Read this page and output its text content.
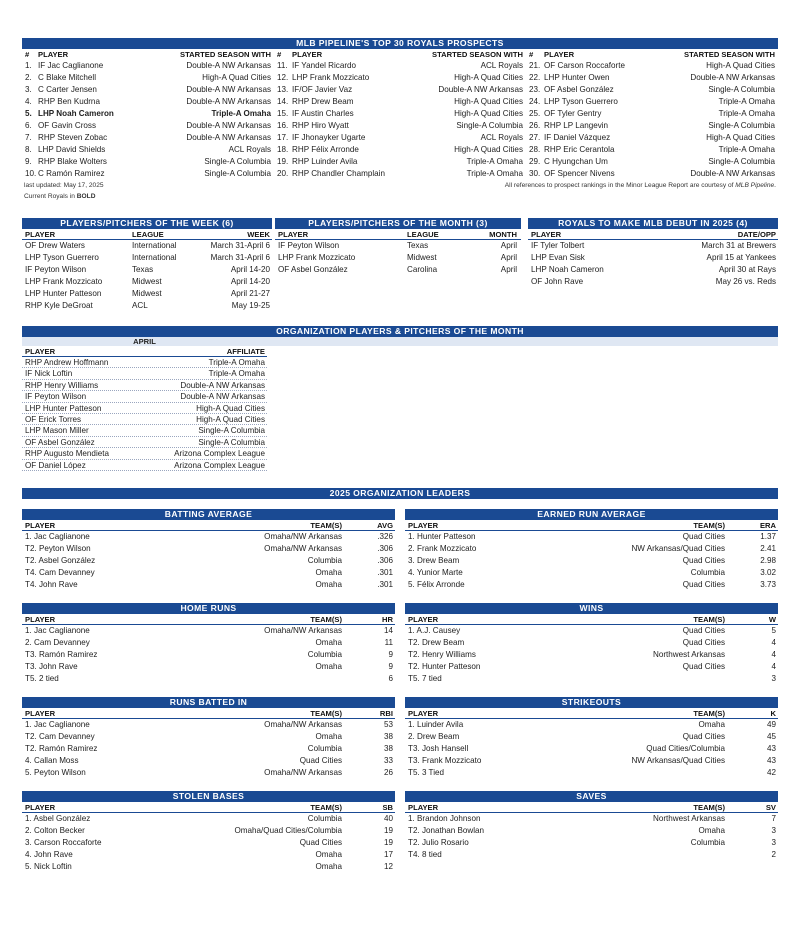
MLB PIPELINE'S TOP 30 ROYALS PROSPECTS
#	PLAYER	STARTED SEASON WITH
1. IF Jac Caglianone	Double-A NW Arkansas
2. C Blake Mitchell	High-A Quad Cities
3. C Carter Jensen	Double-A NW Arkansas
4. RHP Ben Kudrna	Double-A NW Arkansas
5. LHP Noah Cameron	Triple-A Omaha
6. OF Gavin Cross	Double-A NW Arkansas
7. RHP Steven Zobac	Double-A NW Arkansas
8. LHP David Shields	ACL Royals
9. RHP Blake Wolters	Single-A Columbia
10. C Ramón Ramirez	Single-A Columbia
#	PLAYER	STARTED SEASON WITH
11. IF Yandel Ricardo	ACL Royals
12. LHP Frank Mozzicato	High-A Quad Cities
13. IF/OF Javier Vaz	Double-A NW Arkansas
14. RHP Drew Beam	High-A Quad Cities
15. IF Austin Charles	High-A Quad Cities
16. RHP Hiro Wyatt	Single-A Columbia
17. IF Jhonayker Ugarte	ACL Royals
18. RHP Félix Arronde	High-A Quad Cities
19. RHP Luinder Avila	Triple-A Omaha
20. RHP Chandler Champlain	Triple-A Omaha
#	PLAYER	STARTED SEASON WITH
21. OF Carson Roccaforte	High-A Quad Cities
22. LHP Hunter Owen	Double-A NW Arkansas
23. OF Asbel González	Single-A Columbia
24. LHP Tyson Guerrero	Triple-A Omaha
25. OF Tyler Gentry	Triple-A Omaha
26. RHP LP Langevin	Single-A Columbia
27. IF Daniel Vázquez	High-A Quad Cities
28. RHP Eric Cerantola	Triple-A Omaha
29. C Hyungchan Um	Single-A Columbia
30. OF Spencer Nivens	Double-A NW Arkansas
last updated: May 17, 2025
Current Royals in BOLD
All references to prospect rankings in the Minor League Report are courtesy of MLB Pipeline.
PLAYERS/PITCHERS OF THE WEEK (6)
PLAYER	LEAGUE	WEEK
OF Drew Waters	International	March 31-April 6
LHP Tyson Guerrero	International	March 31-April 6
IF Peyton Wilson	Texas	April 14-20
LHP Frank Mozzicato	Midwest	April 14-20
LHP Hunter Patteson	Midwest	April 21-27
RHP Kyle DeGroat	ACL	May 19-25
PLAYERS/PITCHERS OF THE MONTH (3)
PLAYER	LEAGUE	MONTH
IF Peyton Wilson	Texas	April
LHP Frank Mozzicato	Midwest	April
OF Asbel González	Carolina	April
ROYALS TO MAKE MLB DEBUT IN 2025 (4)
PLAYER	DATE/OPP
IF Tyler Tolbert	March 31 at Brewers
LHP Evan Sisk	April 15 at Yankees
LHP Noah Cameron	April 30 at Rays
OF John Rave	May 26 vs. Reds
ORGANIZATION PLAYERS & PITCHERS OF THE MONTH
APRIL
PLAYER	AFFILIATE
RHP Andrew Hoffmann	Triple-A Omaha
IF Nick Loftin	Triple-A Omaha
RHP Henry Williams	Double-A NW Arkansas
IF Peyton Wilson	Double-A NW Arkansas
LHP Hunter Patteson	High-A Quad Cities
OF Erick Torres	High-A Quad Cities
LHP Mason Miller	Single-A Columbia
OF Asbel González	Single-A Columbia
RHP Augusto Mendieta	Arizona Complex League
OF Daniel López	Arizona Complex League
2025 ORGANIZATION LEADERS
BATTING AVERAGE
PLAYER	TEAM(S)	AVG
1. Jac Caglianone	Omaha/NW Arkansas	.326
T2. Peyton Wilson	Omaha/NW Arkansas	.306
T2. Asbel González	Columbia	.306
T4. Cam Devanney	Omaha	.301
T4. John Rave	Omaha	.301
HOME RUNS
PLAYER	TEAM(S)	HR
1. Jac Caglianone	Omaha/NW Arkansas	14
2. Cam Devanney	Omaha	11
T3. Ramón Ramirez	Columbia	9
T3. John Rave	Omaha	9
T5. 2 tied	6
RUNS BATTED IN
PLAYER	TEAM(S)	RBI
1. Jac Caglianone	Omaha/NW Arkansas	53
T2. Cam Devanney	Omaha	38
T2. Ramón Ramirez	Columbia	38
4. Callan Moss	Quad Cities	33
5. Peyton Wilson	Omaha/NW Arkansas	26
STOLEN BASES
PLAYER	TEAM(S)	SB
1. Asbel González	Columbia	40
2. Colton Becker	Omaha/Quad Cities/Columbia	19
3. Carson Roccaforte	Quad Cities	19
4. John Rave	Omaha	17
5. Nick Loftin	Omaha	12
EARNED RUN AVERAGE
PLAYER	TEAM(S)	ERA
1. Hunter Patteson	Quad Cities	1.37
2. Frank Mozzicato	NW Arkansas/Quad Cities	2.41
3. Drew Beam	Quad Cities	2.98
4. Yunior Marte	Columbia	3.02
5. Félix Arronde	Quad Cities	3.73
WINS
PLAYER	TEAM(S)	W
1. A.J. Causey	Quad Cities	5
T2. Drew Beam	Quad Cities	4
T2. Henry Williams	Northwest Arkansas	4
T2. Hunter Patteson	Quad Cities	4
T5. 7 tied	3
STRIKEOUTS
PLAYER	TEAM(S)	K
1. Luinder Avila	Omaha	49
2. Drew Beam	Quad Cities	45
T3. Josh Hansell	Quad Cities/Columbia	43
T3. Frank Mozzicato	NW Arkansas/Quad Cities	43
T5. 3 Tied	42
SAVES
PLAYER	TEAM(S)	SV
1. Brandon Johnson	Northwest Arkansas	7
T2. Jonathan Bowlan	Omaha	3
T2. Julio Rosario	Columbia	3
T4. 8 tied	2
